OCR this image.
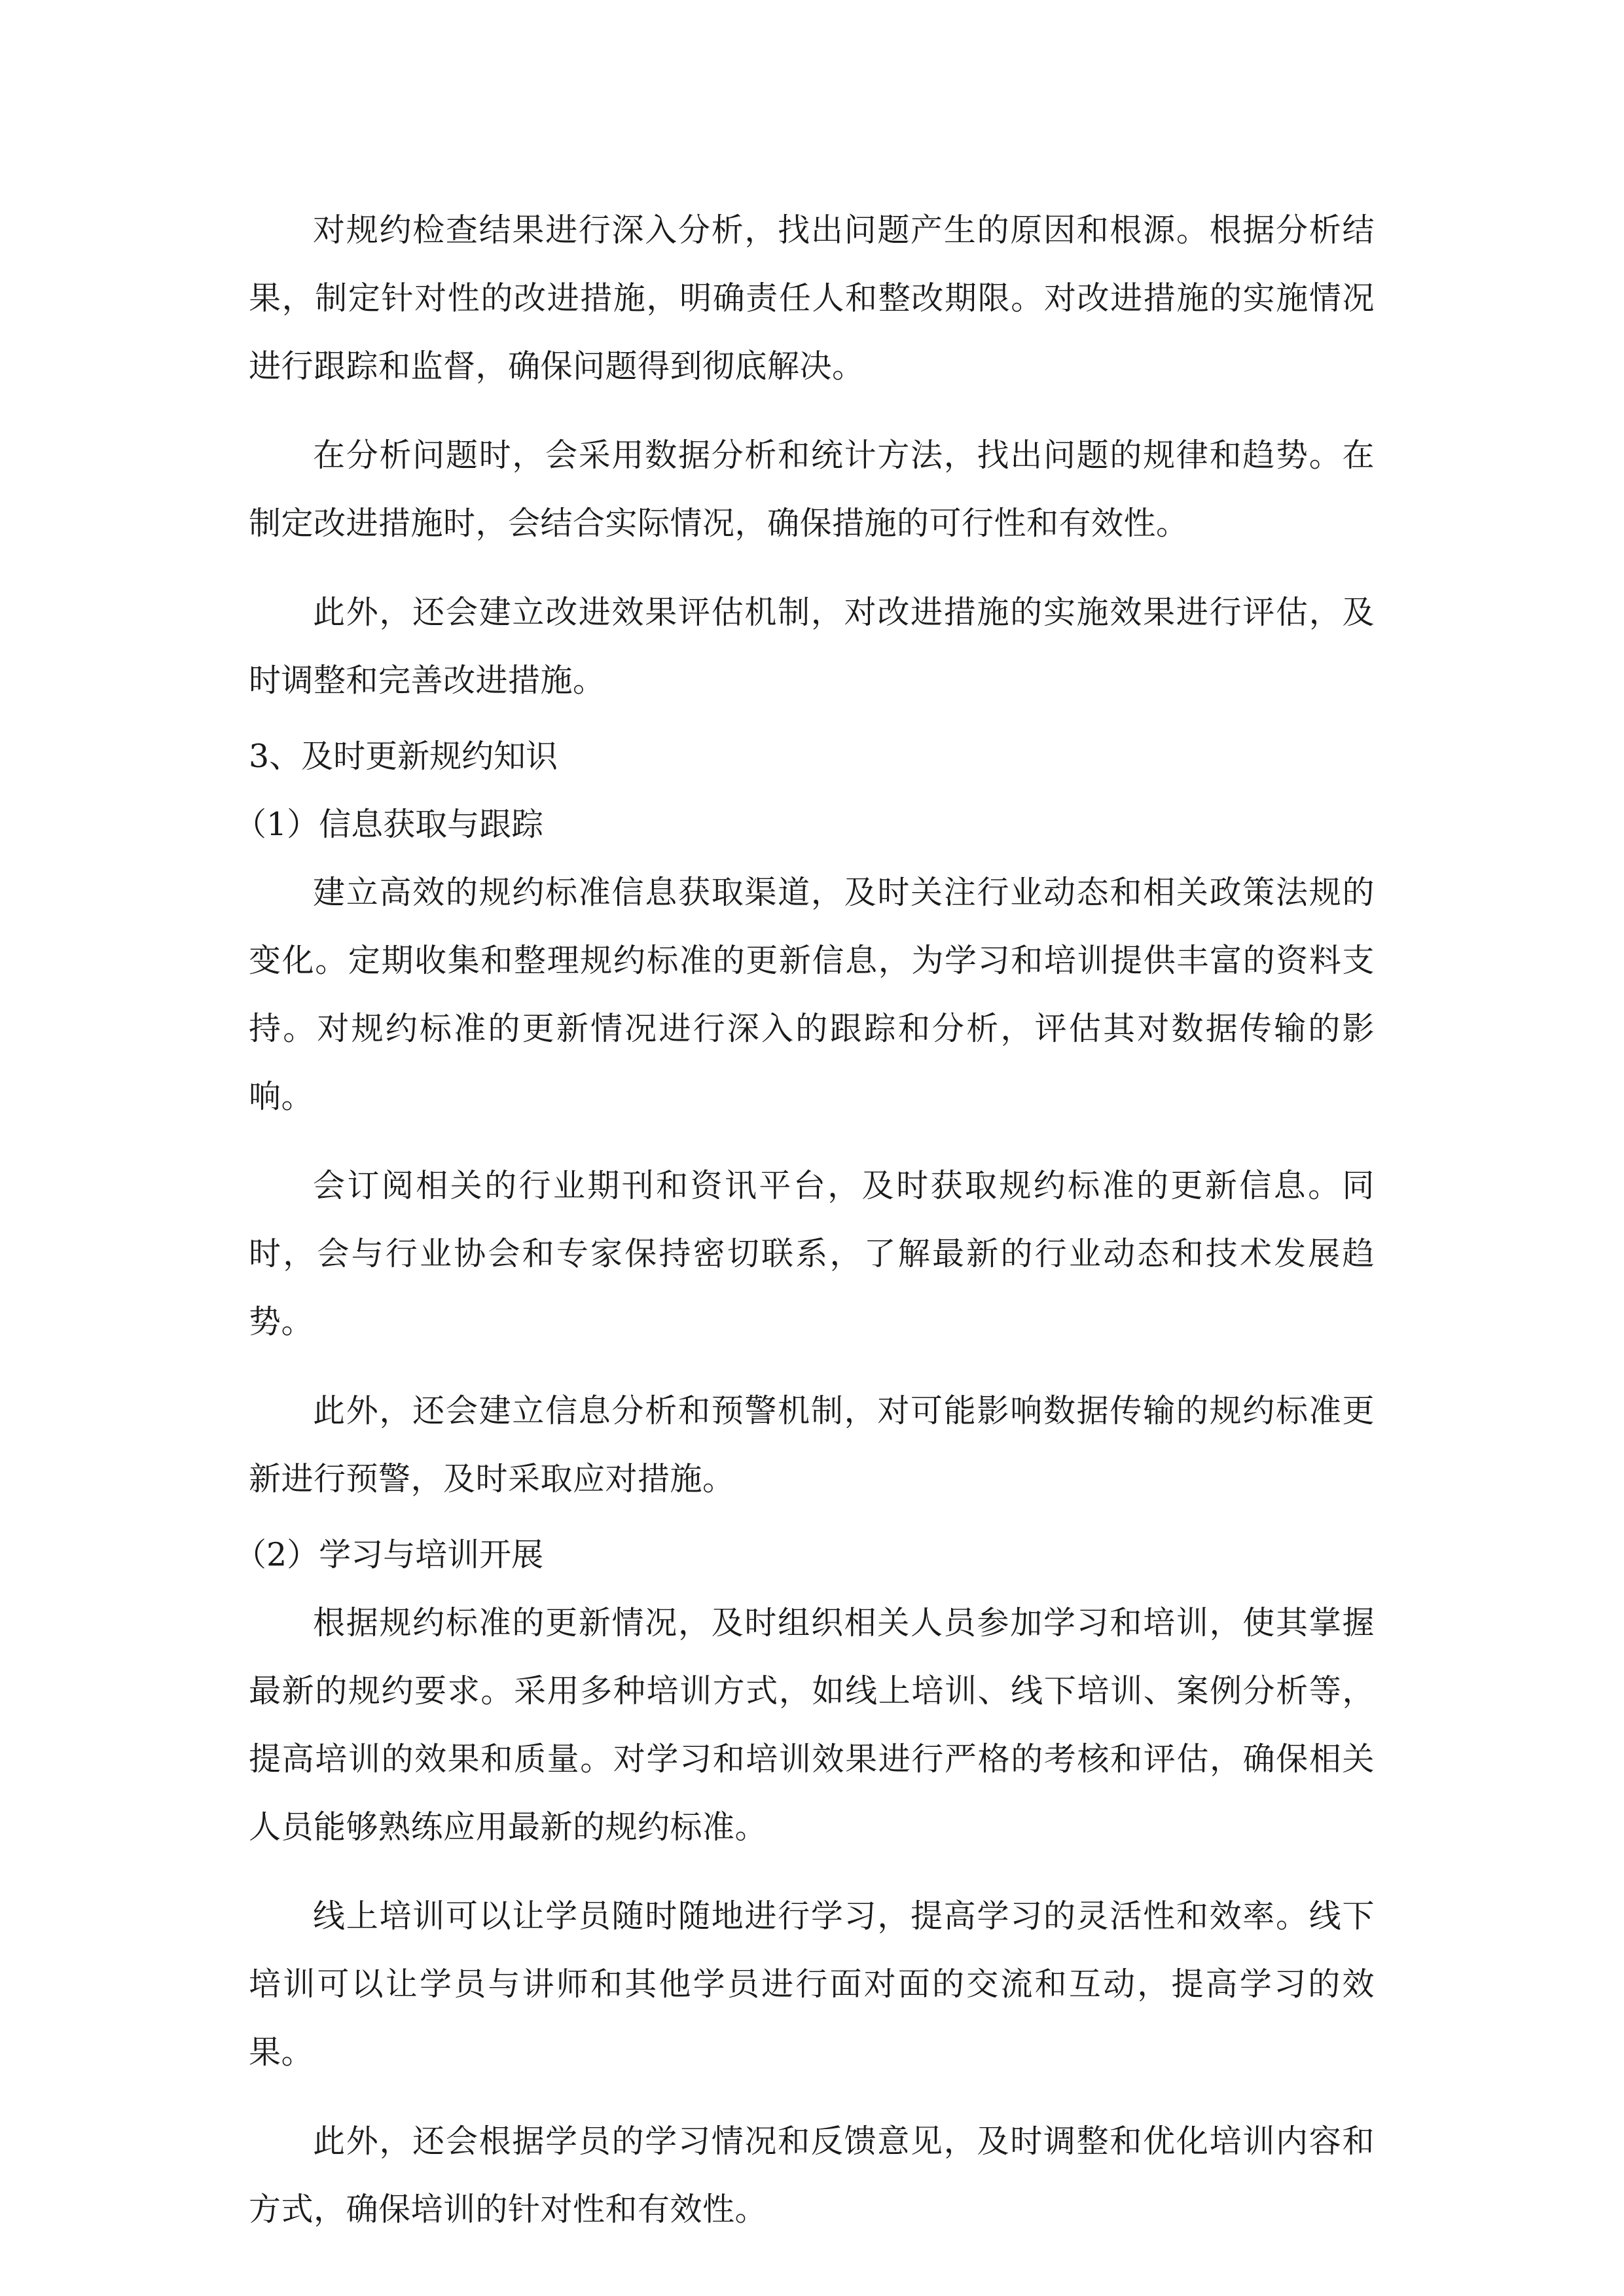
对规约检查结果进行深入分析，找出问题产生的原因和根源。根据分析结果，制定针对性的改进措施，明确责任人和整改期限。对改进措施的实施情况进行跟踪和监督，确保问题得到彻底解决。

在分析问题时，会采用数据分析和统计方法，找出问题的规律和趋势。在制定改进措施时，会结合实际情况，确保措施的可行性和有效性。

此外，还会建立改进效果评估机制，对改进措施的实施效果进行评估，及时调整和完善改进措施。

3、及时更新规约知识

（1）信息获取与跟踪

建立高效的规约标准信息获取渠道，及时关注行业动态和相关政策法规的变化。定期收集和整理规约标准的更新信息，为学习和培训提供丰富的资料支持。对规约标准的更新情况进行深入的跟踪和分析，评估其对数据传输的影响。

会订阅相关的行业期刊和资讯平台，及时获取规约标准的更新信息。同时，会与行业协会和专家保持密切联系，了解最新的行业动态和技术发展趋势。

此外，还会建立信息分析和预警机制，对可能影响数据传输的规约标准更新进行预警，及时采取应对措施。

（2）学习与培训开展

根据规约标准的更新情况，及时组织相关人员参加学习和培训，使其掌握最新的规约要求。采用多种培训方式，如线上培训、线下培训、案例分析等，提高培训的效果和质量。对学习和培训效果进行严格的考核和评估，确保相关人员能够熟练应用最新的规约标准。

线上培训可以让学员随时随地进行学习，提高学习的灵活性和效率。线下培训可以让学员与讲师和其他学员进行面对面的交流和互动，提高学习的效果。

此外，还会根据学员的学习情况和反馈意见，及时调整和优化培训内容和方式，确保培训的针对性和有效性。
